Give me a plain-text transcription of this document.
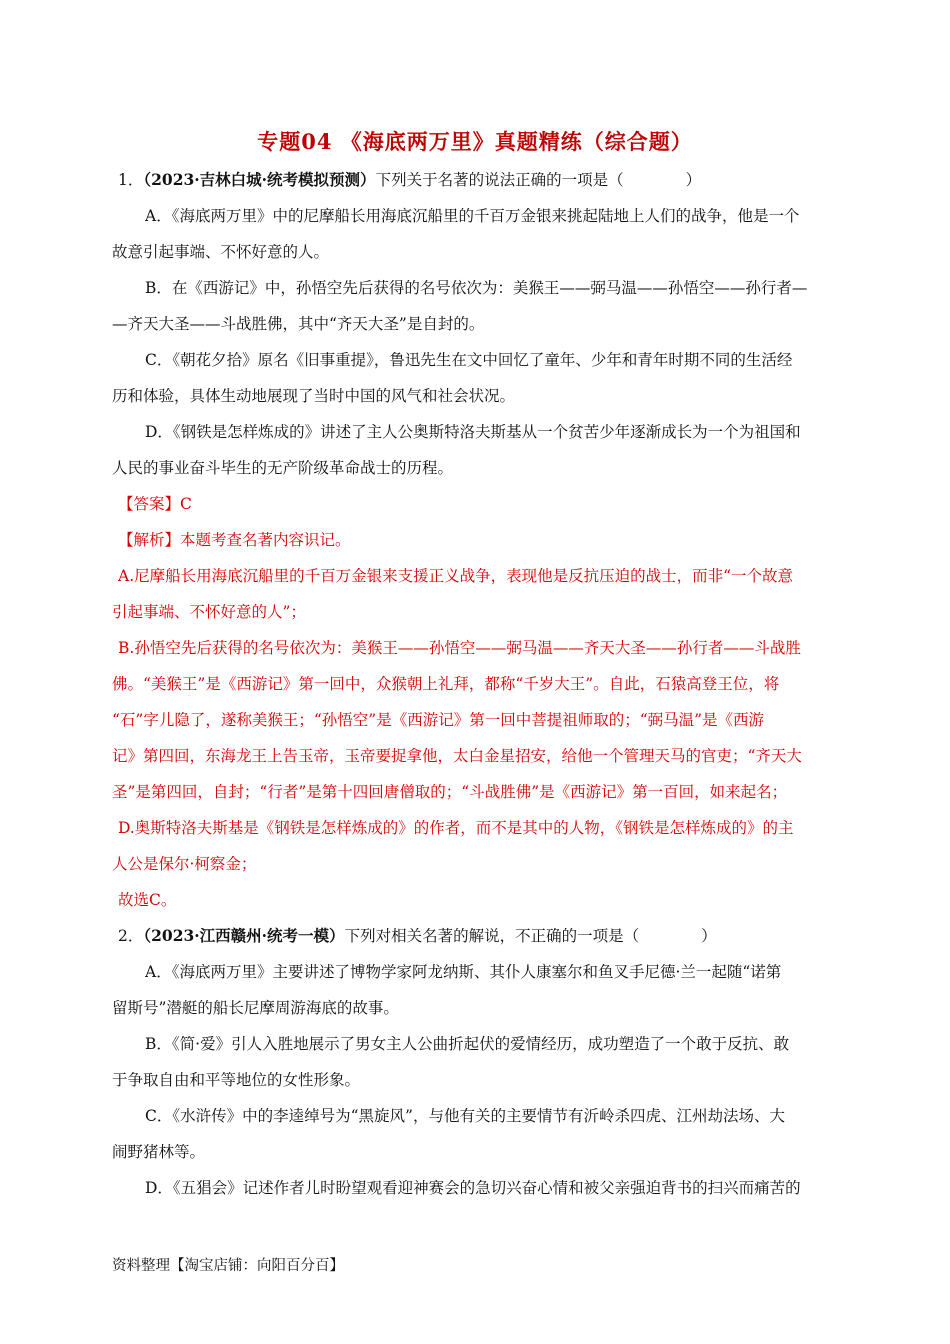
专题04 《海底两万里》真题精练（综合题）
1．（2023·吉林白城·统考模拟预测）下列关于名著的说法正确的一项是（　　　　）
A．《海底两万里》中的尼摩船长用海底沉船里的千百万金银来挑起陆地上人们的战争，他是一个
故意引起事端、不怀好意的人。
B．在《西游记》中，孙悟空先后获得的名号依次为：美猴王——弼马温——孙悟空——孙行者—
—齐天大圣——斗战胜佛，其中“齐天大圣”是自封的。
C．《朝花夕拾》原名《旧事重提》，鲁迅先生在文中回忆了童年、少年和青年时期不同的生活经
历和体验，具体生动地展现了当时中国的风气和社会状况。
D．《钢铁是怎样炼成的》讲述了主人公奥斯特洛夫斯基从一个贫苦少年逐渐成长为一个为祖国和
人民的事业奋斗毕生的无产阶级革命战士的历程。
【答案】C
【解析】本题考查名著内容识记。
A.尼摩船长用海底沉船里的千百万金银来支援正义战争，表现他是反抗压迫的战士，而非“一个故意
引起事端、不怀好意的人”；
B.孙悟空先后获得的名号依次为：美猴王——孙悟空——弼马温——齐天大圣——孙行者——斗战胜
佛。“美猴王”是《西游记》第一回中，众猴朝上礼拜，都称“千岁大王”。自此，石猿高登王位，将
“石”字儿隐了，遂称美猴王；“孙悟空”是《西游记》第一回中菩提祖师取的；“弼马温”是《西游
记》第四回，东海龙王上告玉帝，玉帝要捉拿他，太白金星招安，给他一个管理天马的官吏；“齐天大
圣”是第四回，自封；“行者”是第十四回唐僧取的；“斗战胜佛”是《西游记》第一百回，如来起名；
D.奥斯特洛夫斯基是《钢铁是怎样炼成的》的作者，而不是其中的人物，《钢铁是怎样炼成的》的主
人公是保尔·柯察金；
故选C。
2．（2023·江西赣州·统考一模）下列对相关名著的解说，· · · 不正确的一项是（　　　　）
A．《海底两万里》主要讲述了博物学家阿龙纳斯、其仆人康塞尔和鱼叉手尼德·兰一起随“诺第
留斯号”潜艇的船长尼摩周游海底的故事。
B．《简·爱》引人入胜地展示了男女主人公曲折起伏的爱情经历，成功塑造了一个敢于反抗、敢
于争取自由和平等地位的女性形象。
C．《水浒传》中的李逵绰号为“黑旋风”，与他有关的主要情节有沂岭杀四虎、江州劫法场、大
闹野猪林等。
D．《五猖会》记述作者儿时盼望观看迎神赛会的急切兴奋心情和被父亲强迫背书的扫兴而痛苦的
资料整理【淘宝店铺：向阳百分百】
